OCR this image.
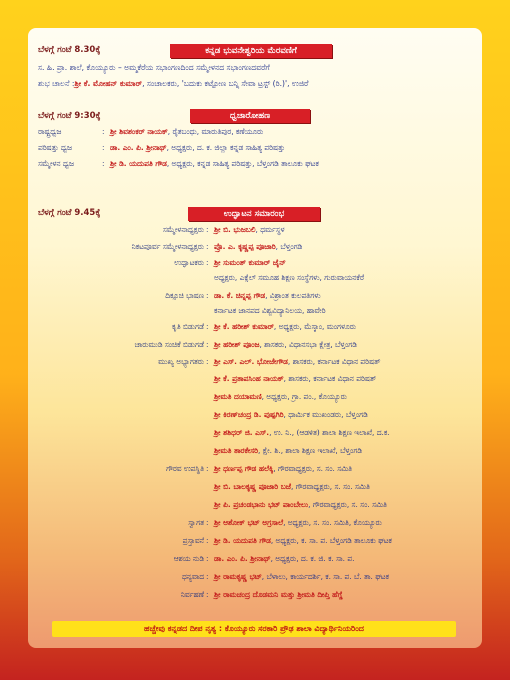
ಬೆಳಗ್ಗೆ ಗಂಟೆ 8.30ಕ್ಕೆ	ಕನ್ನಡ ಭುವನೇಶ್ವರಿಯ ಮೆರವಣಿಗೆ
ಸ. ಹಿ. ಪ್ರಾ. ಶಾಲೆ, ಕೊಯ್ಯೂರು – ಅಮ್ಮಕೆರೆಯ ಸಭಾಂಗಣದಿಂದ ಸಮ್ಮೇಳನದ ಸಭಾಂಗಣದವರೆಗೆ
ಶುಭ ಚಾಲನೆ :ಶ್ರೀ ಕೆ. ಮೋಹನ್ ಕುಮಾರ್, ಸಂಚಾಲಕರು, 'ಬದುಕು ಕಟ್ಟೋಣ ಬನ್ನಿ ಸೇವಾ ಟ್ರಸ್ಟ್ (ರಿ.)', ಉಜಿರೆ
ಬೆಳಗ್ಗೆ ಗಂಟೆ 9:30ಕ್ಕೆ	ಧ್ವಜಾರೋಹಣ
ರಾಷ್ಟ್ರಧ್ವಜ	: ಶ್ರೀ ಶಿವಶಂಕರ್ ನಾಯಕ್, ರೈತಬಂಧು, ಮಾರುತಿಪುರ, ಕಣೆಯೂರು
ಪರಿಷತ್ತು ಧ್ವಜ	: ಡಾ. ಎಂ. ಪಿ. ಶ್ರೀನಾಥ್, ಅಧ್ಯಕ್ಷರು, ದ. ಕ. ಜಿಲ್ಲಾ ಕನ್ನಡ ಸಾಹಿತ್ಯ ಪರಿಷತ್ತು
ಸಮ್ಮೇಳನ ಧ್ವಜ	: ಶ್ರೀ ಡಿ. ಯದುಪತಿ ಗೌಡ, ಅಧ್ಯಕ್ಷರು, ಕನ್ನಡ ಸಾಹಿತ್ಯ ಪರಿಷತ್ತು, ಬೆಳ್ತಂಗಡಿ ತಾಲೂಕು ಘಟಕ
ಬೆಳಗ್ಗೆ ಗಂಟೆ 9.45ಕ್ಕೆ	ಉದ್ಘಾಟನ ಸಮಾರಂಭ
ಸಮ್ಮೇಳನಾಧ್ಯಕ್ಷರು : ಶ್ರೀ ಬಿ. ಭುಜಬಲಿ, ಧರ್ಮಸ್ಥಳ
ನಿಕಟಪೂರ್ವ ಸಮ್ಮೇಳನಾಧ್ಯಕ್ಷರು : ಪ್ರೊ. ಎ. ಕೃಷ್ಣಪ್ಪ ಪೂಜಾರಿ, ಬೆಳ್ತಂಗಡಿ
ಉದ್ಘಾಟಕರು : ಶ್ರೀ ಸುಮಂತ್ ಕುಮಾರ್ ಜೈನ್
ಅಧ್ಯಕ್ಷರು, ಎಕ್ಸೆಲ್ ಸಮೂಹ ಶಿಕ್ಷಣ ಸಂಸ್ಥೆಗಳು, ಗುರುವಾಯನಕೆರೆ
ದಿಕ್ಸೂಚಿ ಭಾಷಣ : ಡಾ. ಕೆ. ಚಿನ್ನಪ್ಪ ಗೌಡ, ವಿಶ್ರಾಂತ ಕುಲಪತಿಗಳು
ಕರ್ನಾಟಕ ಜಾನಪದ ವಿಶ್ವವಿದ್ಯಾನಿಲಯ, ಹಾವೇರಿ
ಕೃತಿ ಬಿಡುಗಡೆ : ಶ್ರೀ ಕೆ. ಹರೀಶ್ ಕುಮಾರ್, ಅಧ್ಯಕ್ಷರು, ಮೆಸ್ಕಾಂ, ಮಂಗಳೂರು
ಚಾರುಮುಡಿ ಸಂಚಿಕೆ ಬಿಡುಗಡೆ : ಶ್ರೀ ಹರೀಶ್ ಪೂಂಜ, ಶಾಸಕರು, ವಿಧಾನಸಭಾ ಕ್ಷೇತ್ರ, ಬೆಳ್ತಂಗಡಿ
ಮುಖ್ಯ ಅಭ್ಯಾಗತರು : ಶ್ರೀ ಎಸ್. ಎಲ್. ಭೋಜೇಗೌಡ, ಶಾಸಕರು, ಕರ್ನಾಟಕ ವಿಧಾನ ಪರಿಷತ್
ಶ್ರೀ ಕೆ. ಪ್ರತಾಪಸಿಂಹ ನಾಯಕ್, ಶಾಸಕರು, ಕರ್ನಾಟಕ ವಿಧಾನ ಪರಿಷತ್
ಶ್ರೀಮತಿ ದಯಾಮಣಿ, ಅಧ್ಯಕ್ಷರು, ಗ್ರಾ. ಪಂ., ಕೊಯ್ಯೂರು
ಶ್ರೀ ಕಿರಣ್‌ಚಂದ್ರ ಡಿ. ಪುಷ್ಪಗಿರಿ, ಧಾರ್ಮಿಕ ಮುಖಂಡರು, ಬೆಳ್ತಂಗಡಿ
ಶ್ರೀ ಶಶಿಧರ್ ಜಿ. ಎಸ್., ಉ. ನಿ., (ಆಡಳಿತ) ಶಾಲಾ ಶಿಕ್ಷಣ ಇಲಾಖೆ, ದ.ಕ.
ಶ್ರೀಮತಿ ತಾರಕೇಸರಿ, ಕ್ಷೇ. ಶಿ., ಶಾಲಾ ಶಿಕ್ಷಣ ಇಲಾಖೆ, ಬೆಳ್ತಂಗಡಿ
ಗೌರವ ಉಪಸ್ಥಿತಿ : ಶ್ರೀ ಧರ್ಣಪ್ಪ ಗೌಡ ಹಲೆಕ್ಕಿ, ಗೌರವಾಧ್ಯಕ್ಷರು, ಸ. ಸಂ. ಸಮಿತಿ
ಶ್ರೀ ಬಿ. ಬಾಲಕೃಷ್ಣ ಪೂಜಾರಿ ಬಜೆ, ಗೌರವಾಧ್ಯಕ್ಷರು, ಸ. ಸಂ. ಸಮಿತಿ
ಶ್ರೀ ಪಿ. ಪ್ರಚಂಡಭಾನು ಭಟ್ ಪಾಂಬೇಲು, ಗೌರವಾಧ್ಯಕ್ಷರು, ಸ. ಸಂ. ಸಮಿತಿ
ಸ್ವಾಗತ : ಶ್ರೀ ಆಶೋಕ್ ಭಟ್ ಅಗ್ರಸಾಲೆ, ಅಧ್ಯಕ್ಷರು, ಸ. ಸಂ. ಸಮಿತಿ, ಕೊಯ್ಯೂರು
ಪ್ರಸ್ತಾವನೆ : ಶ್ರೀ ಡಿ. ಯದುಪತಿ ಗೌಡ, ಅಧ್ಯಕ್ಷರು, ಕ. ಸಾ. ಪ. ಬೆಳ್ತಂಗಡಿ ತಾಲೂಕು ಘಟಕ
ಆಶಯ ನುಡಿ : ಡಾ. ಎಂ. ಪಿ. ಶ್ರೀನಾಥ್, ಅಧ್ಯಕ್ಷರು, ದ. ಕ. ಜಿ. ಕ. ಸಾ. ಪ.
ಧನ್ಯವಾದ : ಶ್ರೀ ರಾಮಕೃಷ್ಣ ಭಟ್, ಬೆಳಾಲು, ಕಾರ್ಯದರ್ಶಿ, ಕ. ಸಾ. ಪ. ಬೆ. ತಾ. ಘಟಕ
ನಿರ್ವಹಣೆ : ಶ್ರೀ ರಾಮಚಂದ್ರ ದೊಡಮನಿ ಮತ್ತು ಶ್ರೀಮತಿ ದೀಪ್ತಿ ಹೆಗ್ಡೆ
ಹಚ್ಚೇವು ಕನ್ನಡದ ದೀಪ ನೃತ್ಯ : ಕೊಯ್ಯೂರು ಸರಕಾರಿ ಪ್ರೌಢ ಶಾಲಾ ವಿದ್ಯಾರ್ಥಿನಿಯರಿಂದ
